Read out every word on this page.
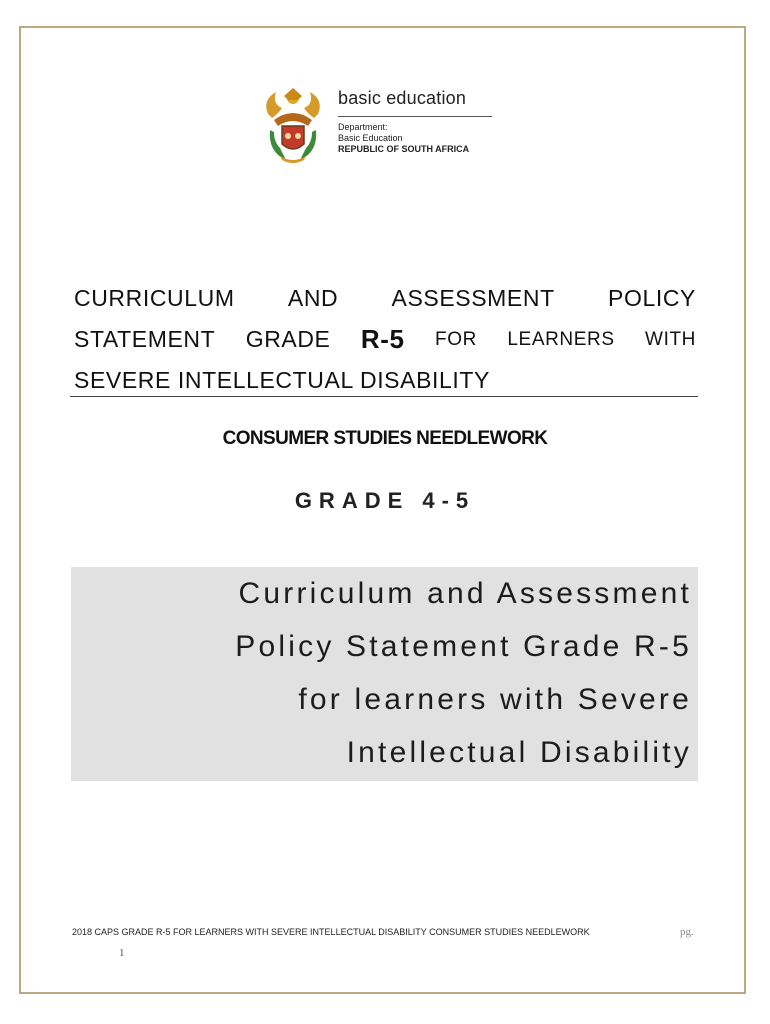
basic education
Department:
Basic Education
REPUBLIC OF SOUTH AFRICA
CURRICULUM AND ASSESSMENT POLICY
STATEMENT GRADE R-5 FOR LEARNERS WITH
SEVERE INTELLECTUAL DISABILITY
CONSUMER STUDIES NEEDLEWORK
GRADE 4-5
Curriculum and Assessment
Policy Statement Grade R-5
for learners with Severe
Intellectual Disability
2018 CAPS GRADE R-5 FOR LEARNERS WITH SEVERE INTELLECTUAL DISABILITY CONSUMER STUDIES NEEDLEWORK	pg.
1
